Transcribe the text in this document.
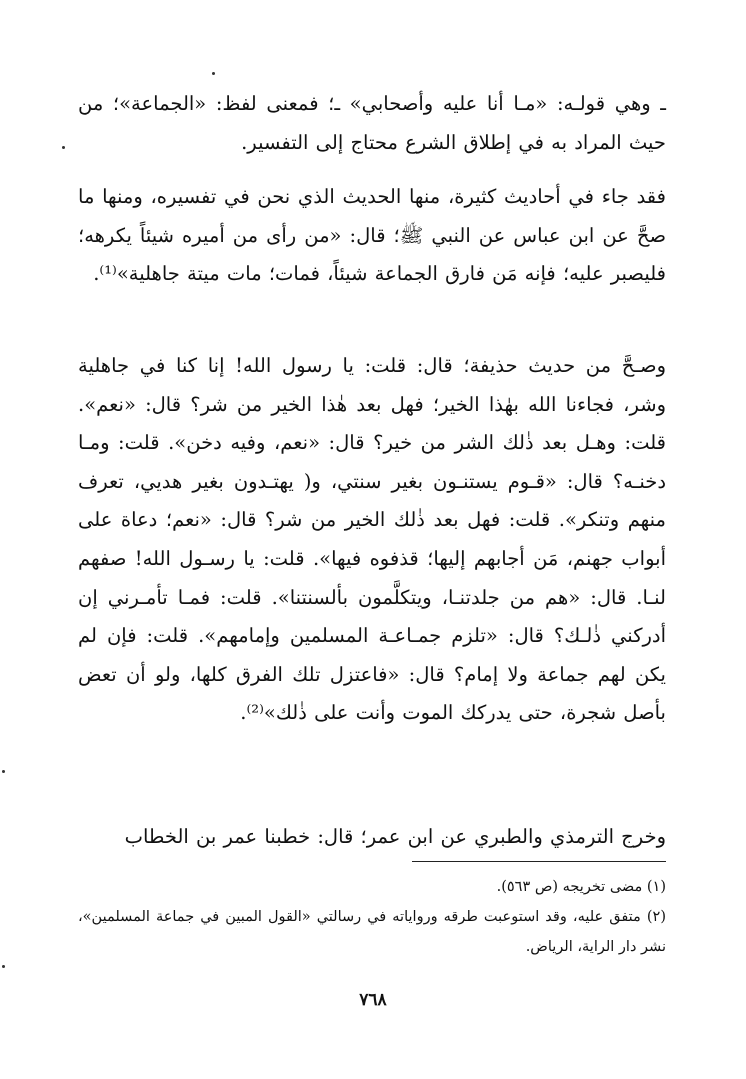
ـ وهي قولـه: «مـا أنا عليه وأصحابي» ـ؛ فمعنى لفظ: «الجماعة»؛ من حيث المراد به في إطلاق الشرع محتاج إلى التفسير.

فقد جاء في أحاديث كثيرة، منها الحديث الذي نحن في تفسيره، ومنها ما صحَّ عن ابن عباس عن النبي ﷺ؛ قال: «من رأى من أميره شيئاً يكرهه؛ فليصبر عليه؛ فإنه مَن فارق الجماعة شيئاً، فمات؛ مات ميتة جاهلية»⁽¹⁾.

وصـحَّ من حديث حذيفة؛ قال: قلت: يا رسول الله! إنا كنا في جاهلية وشر، فجاءنا الله بهٰذا الخير؛ فهل بعد هٰذا الخير من شر؟ قال: «نعم». قلت: وهـل بعد ذٰلك الشر من خير؟ قال: «نعم، وفيه دخن». قلت: ومـا دخنـه؟ قال: «قـوم يستنـون بغير سنتي، و( يهتـدون بغير هديي، تعرف منهم وتنكر». قلت: فهل بعد ذٰلك الخير من شر؟ قال: «نعم؛ دعاة على أبواب جهنم، مَن أجابهم إليها؛ قذفوه فيها». قلت: يا رسـول الله! صفهم لنـا. قال: «هم من جلدتنـا، ويتكلَّمون بألسنتنا». قلت: فمـا تأمـرني إن أدركني ذٰلـك؟ قال: «تلزم جمـاعـة المسلمين وإمامهم». قلت: فإن لم يكن لهم جماعة ولا إمام؟ قال: «فاعتزل تلك الفرق كلها، ولو أن تعض بأصل شجرة، حتى يدركك الموت وأنت على ذٰلك»⁽²⁾.

وخرج الترمذي والطبري عن ابن عمر؛ قال: خطبنا عمر بن الخطاب

(١) مضى تخريجه (ص ٥٦٣).

(٢) متفق عليه، وقد استوعبت طرقه ورواياته في رسالتي «القول المبين في جماعة المسلمين»، نشر دار الراية، الرياض.

٧٦٨
